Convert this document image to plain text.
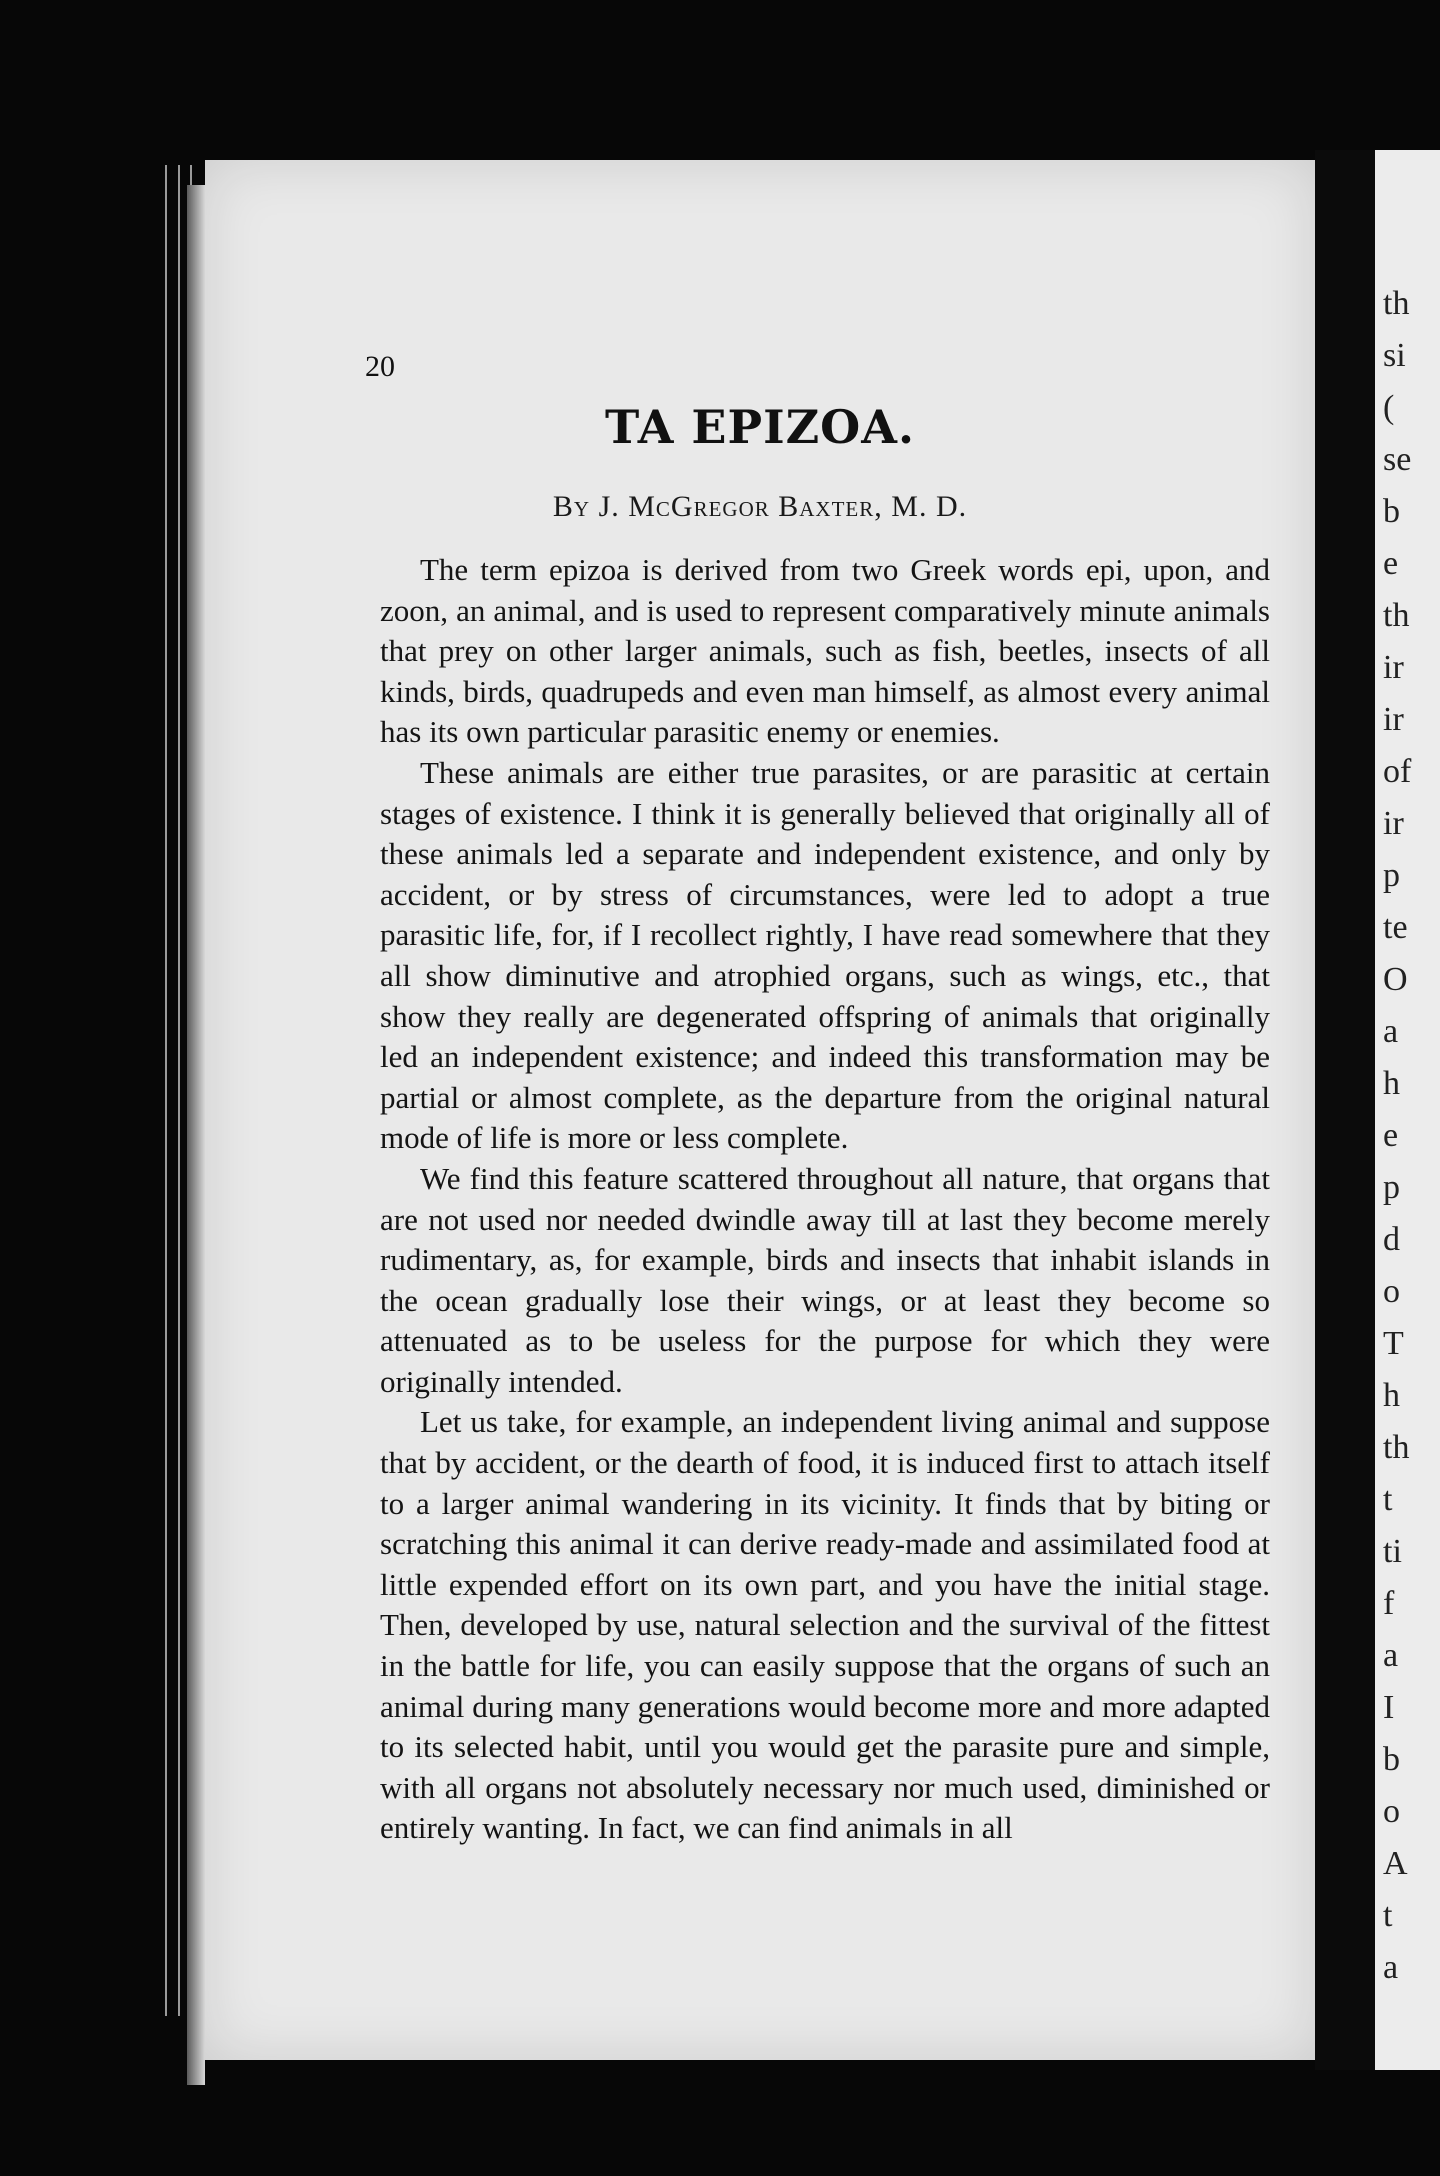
20
TA EPIZOA.
By J. McGregor Baxter, M. D.

The term epizoa is derived from two Greek words epi, upon, and zoon, an animal, and is used to represent comparatively minute animals that prey on other larger animals, such as fish, beetles, insects of all kinds, birds, quadrupeds and even man himself, as almost every animal has its own particular parasitic enemy or enemies.

These animals are either true parasites, or are parasitic at certain stages of existence. I think it is generally believed that originally all of these animals led a separate and independent existence, and only by accident, or by stress of circumstances, were led to adopt a true parasitic life, for, if I recollect rightly, I have read somewhere that they all show diminutive and atrophied organs, such as wings, etc., that show they really are degenerated offspring of animals that originally led an independent existence; and indeed this transformation may be partial or almost complete, as the departure from the original natural mode of life is more or less complete.

We find this feature scattered throughout all nature, that organs that are not used nor needed dwindle away till at last they become merely rudimentary, as, for example, birds and insects that inhabit islands in the ocean gradually lose their wings, or at least they become so attenuated as to be useless for the purpose for which they were originally intended.

Let us take, for example, an independent living animal and suppose that by accident, or the dearth of food, it is induced first to attach itself to a larger animal wandering in its vicinity. It finds that by biting or scratching this animal it can derive ready-made and assimilated food at little expended effort on its own part, and you have the initial stage. Then, developed by use, natural selection and the survival of the fittest in the battle for life, you can easily suppose that the organs of such an animal during many generations would become more and more adapted to its selected habit, until you would get the parasite pure and simple, with all organs not absolutely necessary nor much used, diminished or entirely wanting. In fact, we can find animals in all

th
si
(
se
b
e
th
ir
ir
of
ir
p
te
O
a
h
e
p
d
o
T
h
th
t
ti
f
a
I
b
o
A
t
a
